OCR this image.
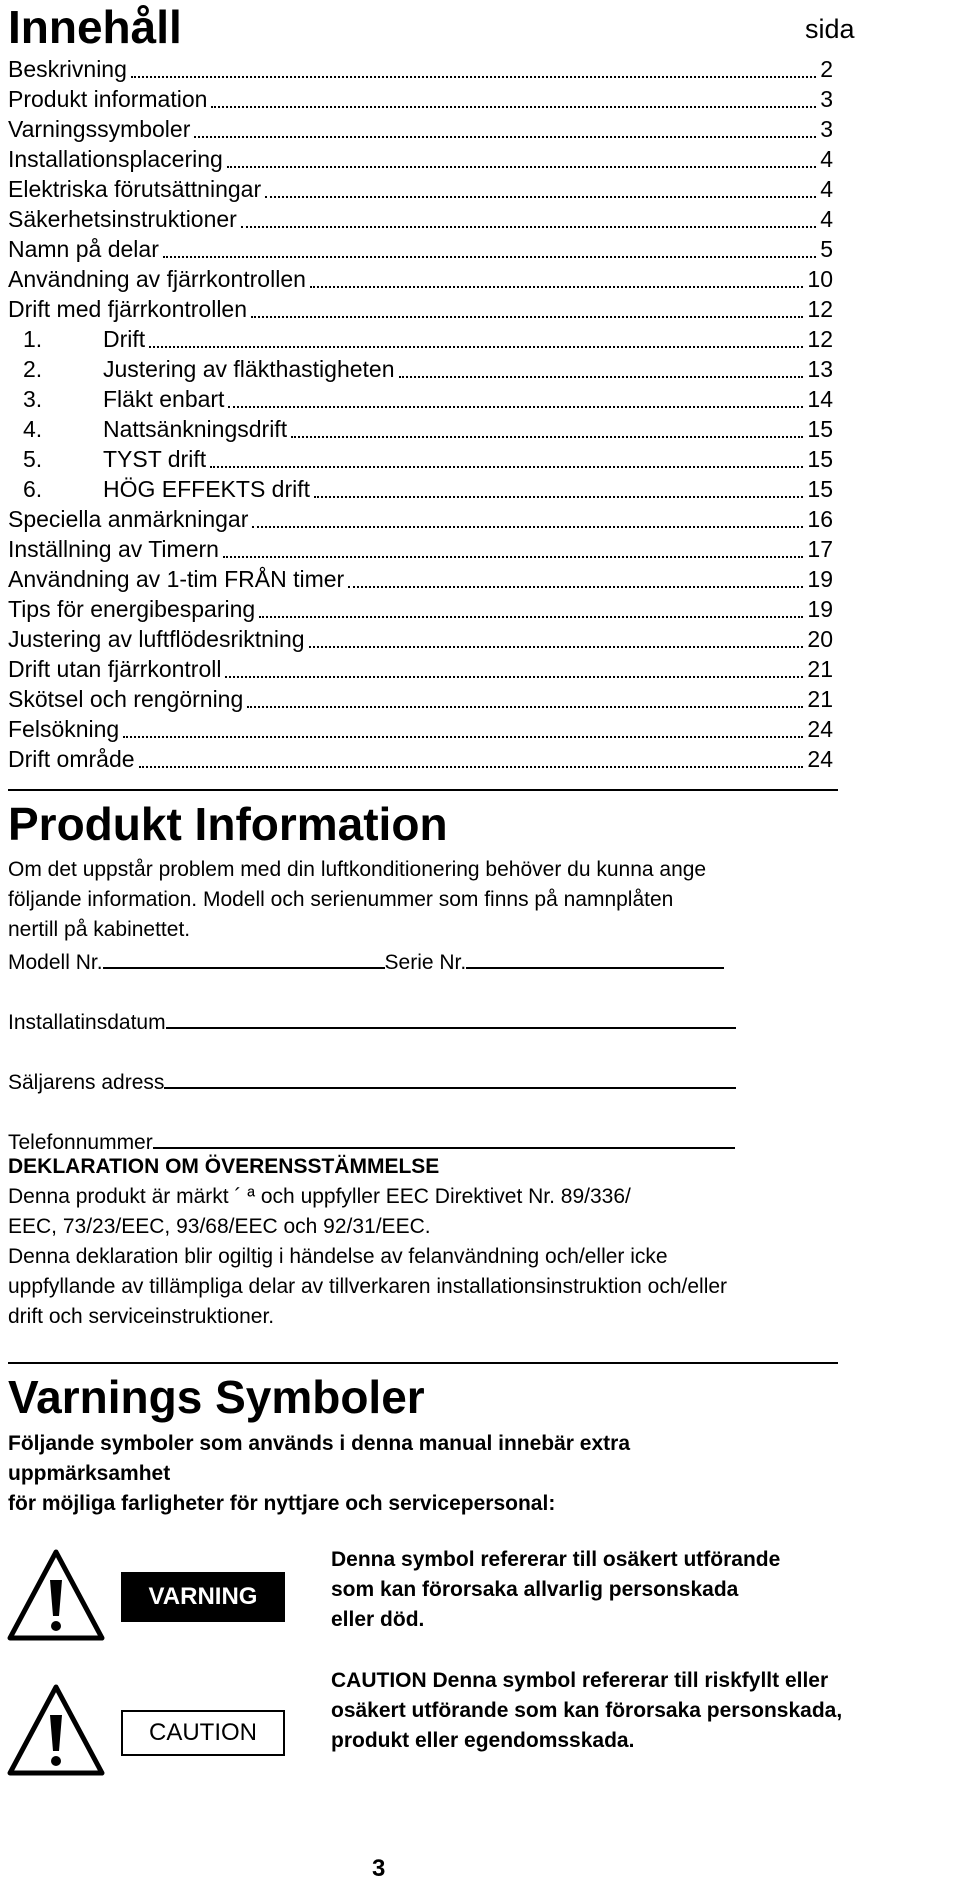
Innehåll	sida
Beskrivning	2
Produkt information	3
Varningssymboler	3
Installationsplacering	4
Elektriska förutsättningar	4
Säkerhetsinstruktioner	4
Namn på delar	5
Användning av fjärrkontrollen	10
Drift med fjärrkontrollen	12
1.	Drift	12
2.	Justering av fläkthastigheten	13
3.	Fläkt enbart	14
4.	Nattsänkningsdrift	15
5.	TYST drift	15
6.	HÖG EFFEKTS drift	15
Speciella anmärkningar	16
Inställning av Timern	17
Användning av 1-tim FRÅN timer	19
Tips för energibesparing	19
Justering av luftflödesriktning	20
Drift utan fjärrkontroll	21
Skötsel och rengörning	21
Felsökning	24
Drift område	24
Produkt Information
Om det uppstår problem med din luftkonditionering behöver du kunna ange
följande information. Modell och serienummer som finns på namnplåten
nertill på kabinettet.
Modell Nr.	Serie Nr.
Installatinsdatum
Säljarens adress
Telefonnummer
DEKLARATION OM ÖVERENSSTÄMMELSE
Denna produkt är märkt ´ ª och uppfyller EEC Direktivet Nr. 89/336/
EEC, 73/23/EEC, 93/68/EEC och 92/31/EEC.
Denna deklaration blir ogiltig i händelse av felanvändning och/eller icke
uppfyllande av tillämpliga delar av tillverkaren installationsinstruktion och/eller
drift och serviceinstruktioner.
Varnings Symboler
Följande symboler som används i denna manual innebär extra
uppmärksamhet
för möjliga farligheter för nyttjare och servicepersonal:
VARNING
Denna symbol refererar till osäkert utförande
som kan förorsaka allvarlig personskada
eller död.
CAUTION
CAUTION Denna symbol refererar till riskfyllt eller
osäkert utförande som kan förorsaka personskada,
produkt eller egendomsskada.
3
